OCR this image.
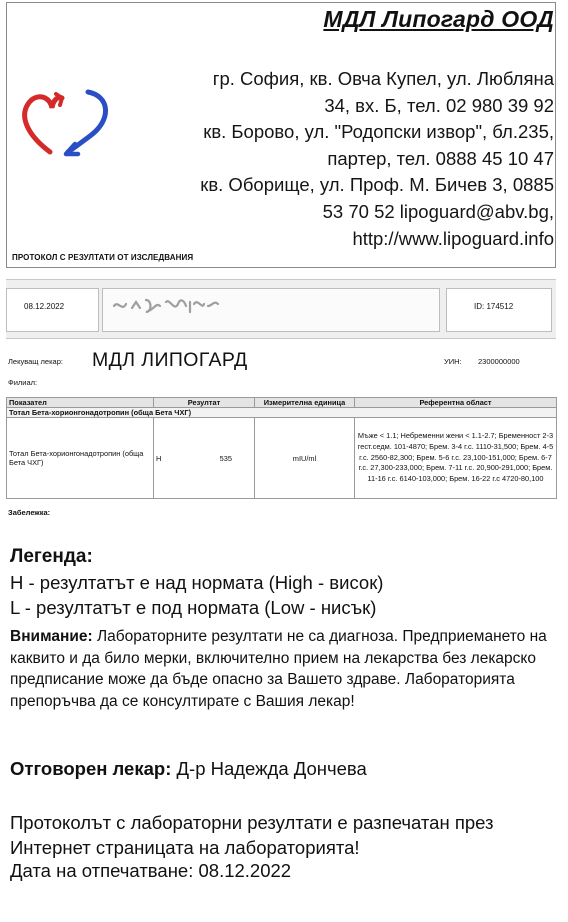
МДЛ Липогард ООД
гр. София, кв. Овча Купел, ул. Любляна
34, вх. Б, тел. 02 980 39 92
кв. Борово, ул. "Родопски извор", бл.235,
партер, тел. 0888 45 10 47
кв. Оборище, ул. Проф. М. Бичев 3, 0885
53 70 52 lipoguard@abv.bg,
http://www.lipoguard.info
ПРОТОКОЛ С РЕЗУЛТАТИ ОТ ИЗСЛЕДВАНИЯ
08.12.2022	ID: 174512
Лекуващ лекар: МДЛ ЛИПОГАРД	УИН: 2300000000
Филиал:
Показател	Резултат	Измерителна единица	Референтна област
Тотал Бета-хорионгонадотропин (обща Бета ЧХГ)			
Тотал Бета-хорионгонадотропин (обща Бета ЧХГ)	H 535	mIU/ml	Мъже < 1.1; Небременни жени < 1.1-2.7; Бременност 2-3 гест.седм. 101-4870; Брем. 3-4 г.с. 1110-31,500; Брем. 4-5 г.с. 2560-82,300; Брем. 5-6 г.с. 23,100-151,000; Брем. 6-7 г.с. 27,300-233,000; Брем. 7-11 г.с. 20,900-291,000; Брем. 11-16 г.с. 6140-103,000; Брем. 16-22 г.с 4720-80,100
Забележка:
Легенда:
Н - резултатът е над нормата (High - висок)
L - резултатът е под нормата (Low - нисък)
Внимание: Лабораторните резултати не са диагноза. Предприемането на каквито и да било мерки, включително прием на лекарства без лекарско предписание може да бъде опасно за Вашето здраве. Лабораторията препоръчва да се консултирате с Вашия лекар!
Отговорен лекар: Д-р Надежда Дончева
Протоколът с лабораторни резултати е разпечатан през Интернет страницата на лабораторията!
Дата на отпечатване: 08.12.2022
